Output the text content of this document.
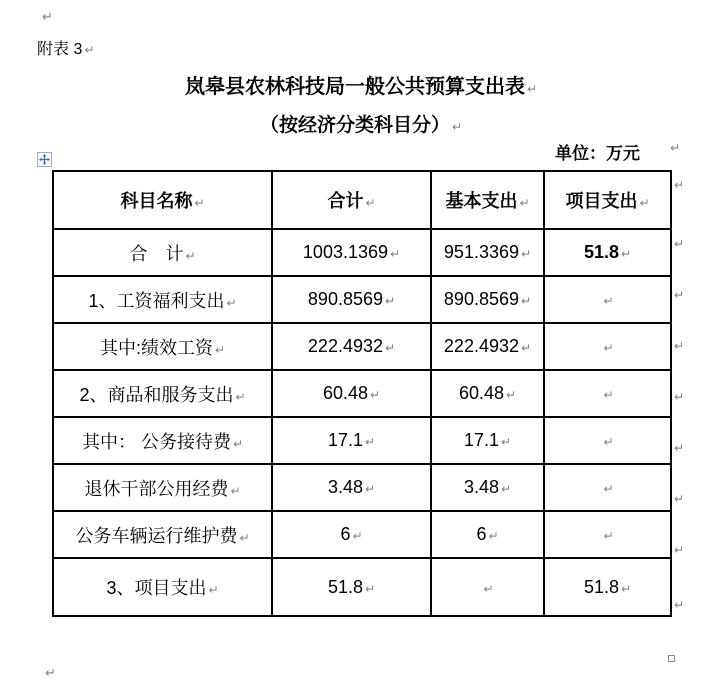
↵
附表 3 ↵
岚皋县农林科技局一般公共预算支出表 ↵
（按经济分类科目分） ↵
单位：万元	↵
科目名称 ↵	合计 ↵	基本支出 ↵	项目支出 ↵
合　计 ↵	1003.1369 ↵	951.3369 ↵	51.8 ↵
1、工资福利支出 ↵	890.8569 ↵	890.8569 ↵	↵
其中:绩效工资 ↵	222.4932 ↵	222.4932 ↵	↵
2、商品和服务支出 ↵	60.48 ↵	60.48 ↵	↵
其中： 公务接待费 ↵	17.1 ↵	17.1 ↵	↵
退休干部公用经费 ↵	3.48 ↵	3.48 ↵	↵
公务车辆运行维护费 ↵	6 ↵	6 ↵	↵
3、项目支出 ↵	51.8 ↵	↵	51.8 ↵
↵
↵
↵
↵
↵
↵
↵
↵
↵
↵
